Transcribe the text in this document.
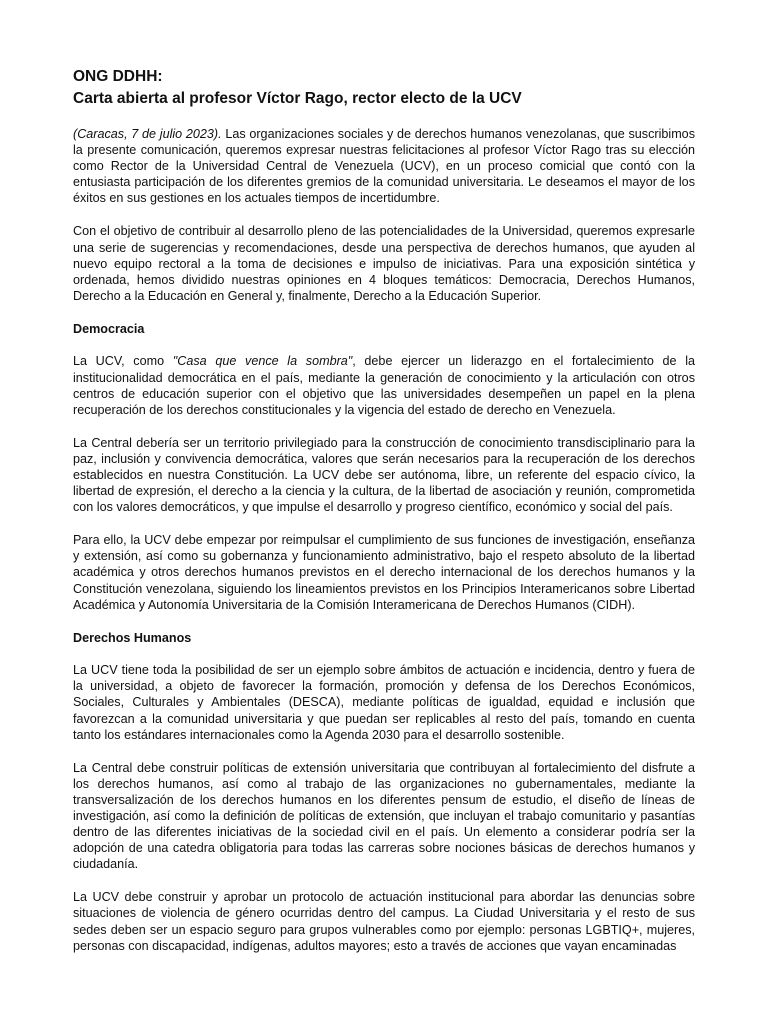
ONG DDHH:
Carta abierta al profesor Víctor Rago, rector electo de la UCV

(Caracas, 7 de julio 2023). Las organizaciones sociales y de derechos humanos venezolanas, que suscribimos la presente comunicación, queremos expresar nuestras felicitaciones al profesor Víctor Rago tras su elección como Rector de la Universidad Central de Venezuela (UCV), en un proceso comicial que contó con la entusiasta participación de los diferentes gremios de la comunidad universitaria. Le deseamos el mayor de los éxitos en sus gestiones en los actuales tiempos de incertidumbre.

Con el objetivo de contribuir al desarrollo pleno de las potencialidades de la Universidad, queremos expresarle una serie de sugerencias y recomendaciones, desde una perspectiva de derechos humanos, que ayuden al nuevo equipo rectoral a la toma de decisiones e impulso de iniciativas. Para una exposición sintética y ordenada, hemos dividido nuestras opiniones en 4 bloques temáticos: Democracia, Derechos Humanos, Derecho a la Educación en General y, finalmente, Derecho a la Educación Superior.

Democracia

La UCV, como "Casa que vence la sombra", debe ejercer un liderazgo en el fortalecimiento de la institucionalidad democrática en el país, mediante la generación de conocimiento y la articulación con otros centros de educación superior con el objetivo que las universidades desempeñen un papel en la plena recuperación de los derechos constitucionales y la vigencia del estado de derecho en Venezuela.

La Central debería ser un territorio privilegiado para la construcción de conocimiento transdisciplinario para la paz, inclusión y convivencia democrática, valores que serán necesarios para la recuperación de los derechos establecidos en nuestra Constitución. La UCV debe ser autónoma, libre, un referente del espacio cívico, la libertad de expresión, el derecho a la ciencia y la cultura, de la libertad de asociación y reunión, comprometida con los valores democráticos, y que impulse el desarrollo y progreso científico, económico y social del país.

Para ello, la UCV debe empezar por reimpulsar el cumplimiento de sus funciones de investigación, enseñanza y extensión, así como su gobernanza y funcionamiento administrativo, bajo el respeto absoluto de la libertad académica y otros derechos humanos previstos en el derecho internacional de los derechos humanos y la Constitución venezolana, siguiendo los lineamientos previstos en los Principios Interamericanos sobre Libertad Académica y Autonomía Universitaria de la Comisión Interamericana de Derechos Humanos (CIDH).

Derechos Humanos

La UCV tiene toda la posibilidad de ser un ejemplo sobre ámbitos de actuación e incidencia, dentro y fuera de la universidad, a objeto de favorecer la formación, promoción y defensa de los Derechos Económicos, Sociales, Culturales y Ambientales (DESCA), mediante políticas de igualdad, equidad e inclusión que favorezcan a la comunidad universitaria y que puedan ser replicables al resto del país, tomando en cuenta tanto los estándares internacionales como la Agenda 2030 para el desarrollo sostenible.

La Central debe construir políticas de extensión universitaria que contribuyan al fortalecimiento del disfrute a los derechos humanos, así como al trabajo de las organizaciones no gubernamentales, mediante la transversalización de los derechos humanos en los diferentes pensum de estudio, el diseño de líneas de investigación, así como la definición de políticas de extensión, que incluyan el trabajo comunitario y pasantías dentro de las diferentes iniciativas de la sociedad civil en el país. Un elemento a considerar podría ser la adopción de una catedra obligatoria para todas las carreras sobre nociones básicas de derechos humanos y ciudadanía.

La UCV debe construir y aprobar un protocolo de actuación institucional para abordar las denuncias sobre situaciones de violencia de género ocurridas dentro del campus. La Ciudad Universitaria y el resto de sus sedes deben ser un espacio seguro para grupos vulnerables como por ejemplo: personas LGBTIQ+, mujeres, personas con discapacidad, indígenas, adultos mayores; esto a través de acciones que vayan encaminadas
